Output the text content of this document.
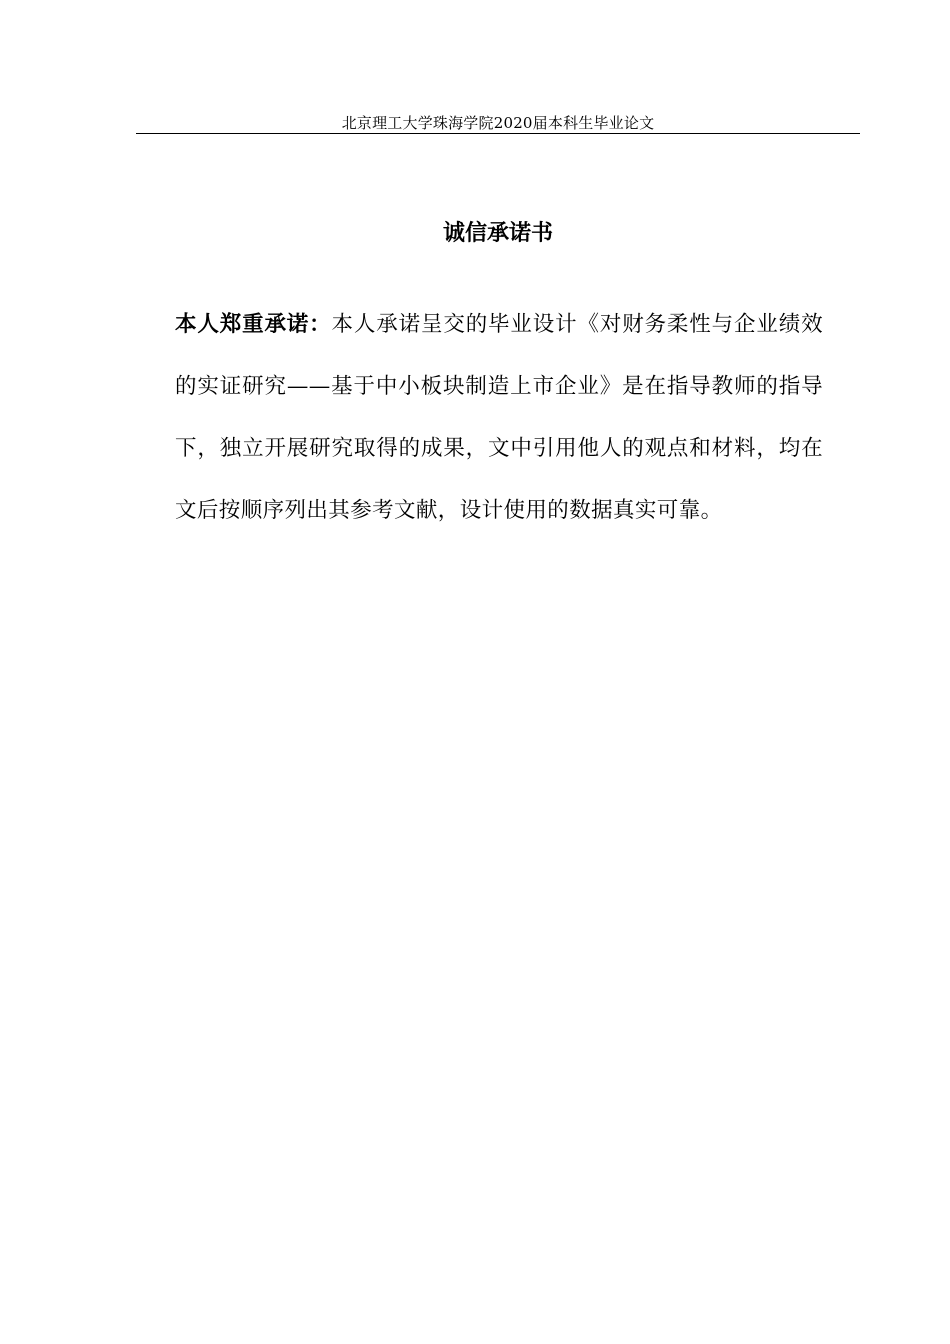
北京理工大学珠海学院2020届本科生毕业论文
诚信承诺书

本人郑重承诺：本人承诺呈交的毕业设计《对财务柔性与企业绩效的实证研究——基于中小板块制造上市企业》是在指导教师的指导下，独立开展研究取得的成果，文中引用他人的观点和材料，均在文后按顺序列出其参考文献，设计使用的数据真实可靠。
